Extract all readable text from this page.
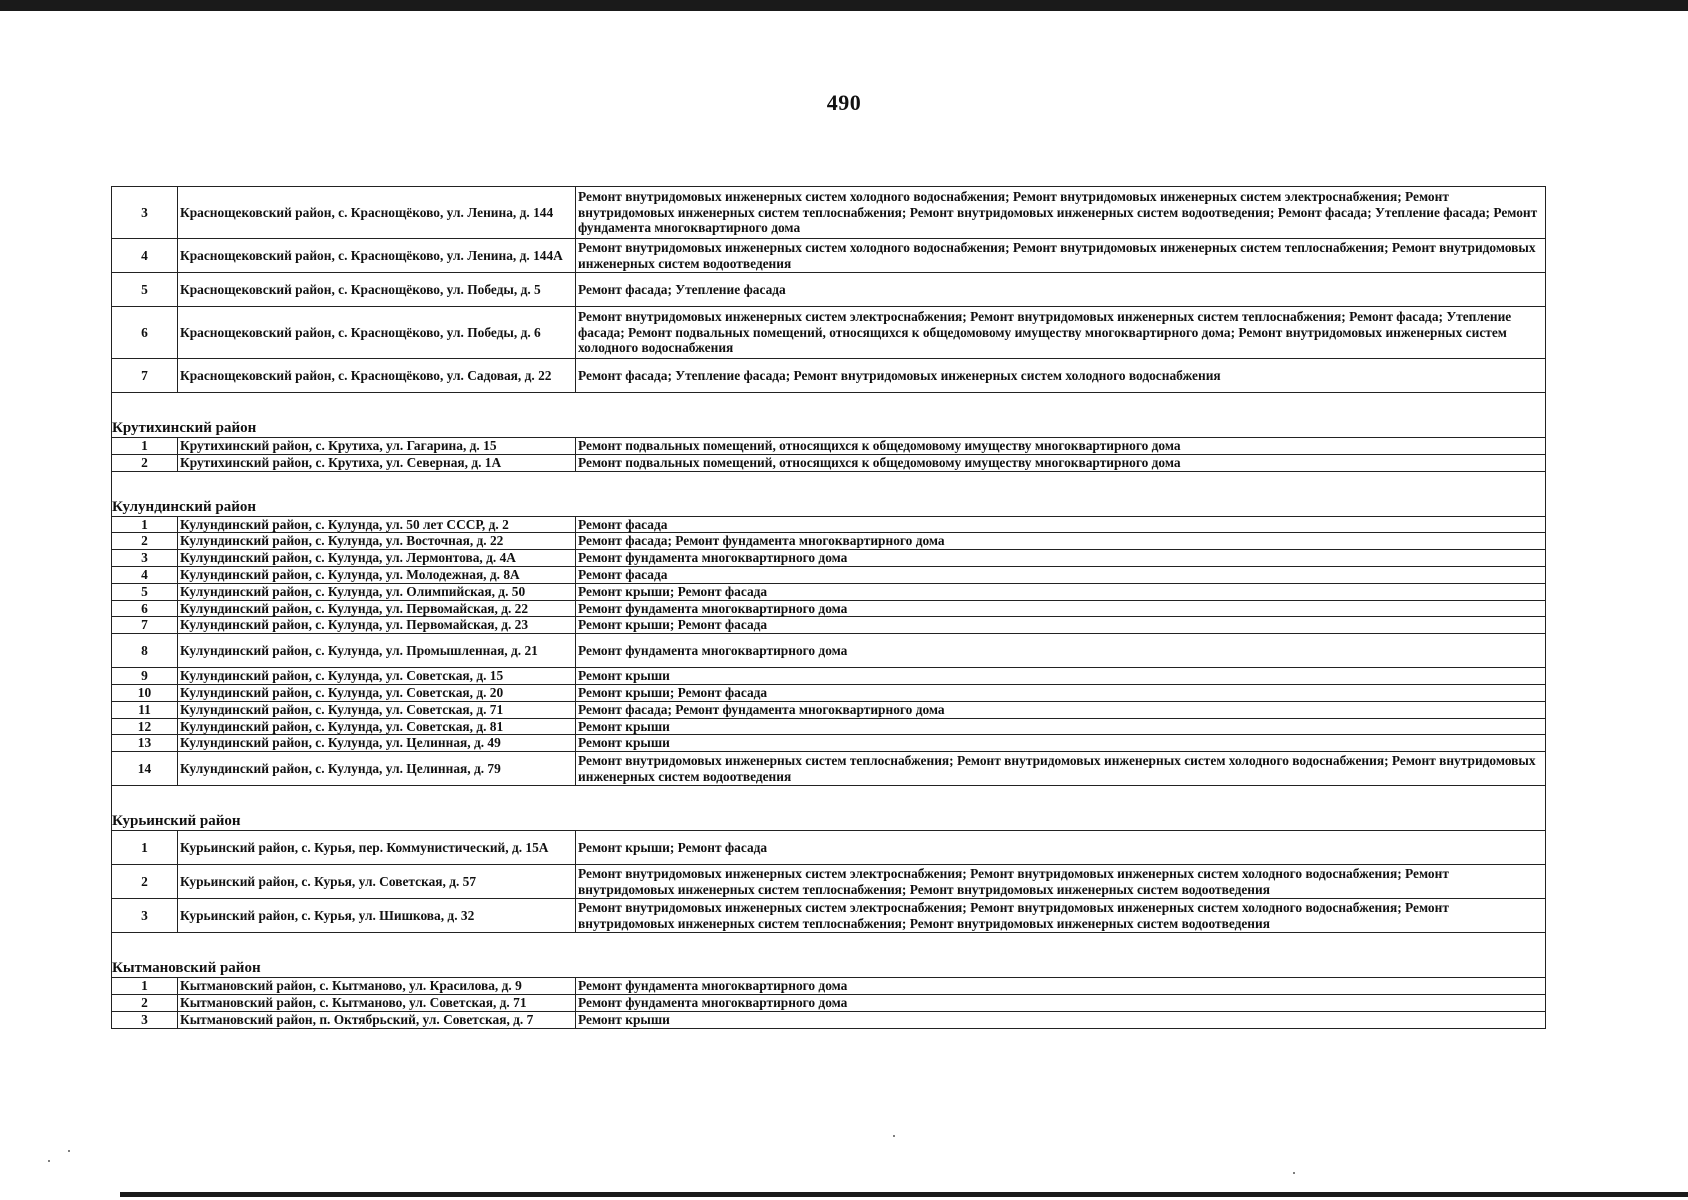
490
3	Краснощековский район, с. Краснощёково, ул. Ленина, д. 144	Ремонт внутридомовых инженерных систем холодного водоснабжения; Ремонт внутридомовых инженерных систем электроснабжения; Ремонт внутридомовых инженерных систем теплоснабжения; Ремонт внутридомовых инженерных систем водоотведения; Ремонт фасада; Утепление фасада; Ремонт фундамента многоквартирного дома
4	Краснощековский район, с. Краснощёково, ул. Ленина, д. 144А	Ремонт внутридомовых инженерных систем холодного водоснабжения; Ремонт внутридомовых инженерных систем теплоснабжения; Ремонт внутридомовых инженерных систем водоотведения
5	Краснощековский район, с. Краснощёково, ул. Победы, д. 5	Ремонт фасада; Утепление фасада
6	Краснощековский район, с. Краснощёково, ул. Победы, д. 6	Ремонт внутридомовых инженерных систем электроснабжения; Ремонт внутридомовых инженерных систем теплоснабжения; Ремонт фасада; Утепление фасада; Ремонт подвальных помещений, относящихся к общедомовому имуществу многоквартирного дома; Ремонт внутридомовых инженерных систем холодного водоснабжения
7	Краснощековский район, с. Краснощёково, ул. Садовая, д. 22	Ремонт фасада; Утепление фасада; Ремонт внутридомовых инженерных систем холодного водоснабжения

Крутихинский район		
1	Крутихинский район, с. Крутиха, ул. Гагарина, д. 15	Ремонт подвальных помещений, относящихся к общедомовому имуществу многоквартирного дома
2	Крутихинский район, с. Крутиха, ул. Северная, д. 1А	Ремонт подвальных помещений, относящихся к общедомовому имуществу многоквартирного дома

Кулундинский район		
1	Кулундинский район, с. Кулунда, ул. 50 лет СССР, д. 2	Ремонт фасада
2	Кулундинский район, с. Кулунда, ул. Восточная, д. 22	Ремонт фасада; Ремонт фундамента многоквартирного дома
3	Кулундинский район, с. Кулунда, ул. Лермонтова, д. 4А	Ремонт фундамента многоквартирного дома
4	Кулундинский район, с. Кулунда, ул. Молодежная, д. 8А	Ремонт фасада
5	Кулундинский район, с. Кулунда, ул. Олимпийская, д. 50	Ремонт крыши; Ремонт фасада
6	Кулундинский район, с. Кулунда, ул. Первомайская, д. 22	Ремонт фундамента многоквартирного дома
7	Кулундинский район, с. Кулунда, ул. Первомайская, д. 23	Ремонт крыши; Ремонт фасада
8	Кулундинский район, с. Кулунда, ул. Промышленная, д. 21	Ремонт фундамента многоквартирного дома
9	Кулундинский район, с. Кулунда, ул. Советская, д. 15	Ремонт крыши
10	Кулундинский район, с. Кулунда, ул. Советская, д. 20	Ремонт крыши; Ремонт фасада
11	Кулундинский район, с. Кулунда, ул. Советская, д. 71	Ремонт фасада; Ремонт фундамента многоквартирного дома
12	Кулундинский район, с. Кулунда, ул. Советская, д. 81	Ремонт крыши
13	Кулундинский район, с. Кулунда, ул. Целинная, д. 49	Ремонт крыши
14	Кулундинский район, с. Кулунда, ул. Целинная, д. 79	Ремонт внутридомовых инженерных систем теплоснабжения; Ремонт внутридомовых инженерных систем холодного водоснабжения; Ремонт внутридомовых инженерных систем водоотведения

Курьинский район		
1	Курьинский район, с. Курья, пер. Коммунистический, д. 15А	Ремонт крыши; Ремонт фасада
2	Курьинский район, с. Курья, ул. Советская, д. 57	Ремонт внутридомовых инженерных систем электроснабжения; Ремонт внутридомовых инженерных систем холодного водоснабжения; Ремонт внутридомовых инженерных систем теплоснабжения; Ремонт внутридомовых инженерных систем водоотведения
3	Курьинский район, с. Курья, ул. Шишкова, д. 32	Ремонт внутридомовых инженерных систем электроснабжения; Ремонт внутридомовых инженерных систем холодного водоснабжения; Ремонт внутридомовых инженерных систем теплоснабжения; Ремонт внутридомовых инженерных систем водоотведения

Кытмановский район		
1	Кытмановский район, с. Кытманово, ул. Красилова, д. 9	Ремонт фундамента многоквартирного дома
2	Кытмановский район, с. Кытманово, ул. Советская, д. 71	Ремонт фундамента многоквартирного дома
3	Кытмановский район, п. Октябрьский, ул. Советская, д. 7	Ремонт крыши
